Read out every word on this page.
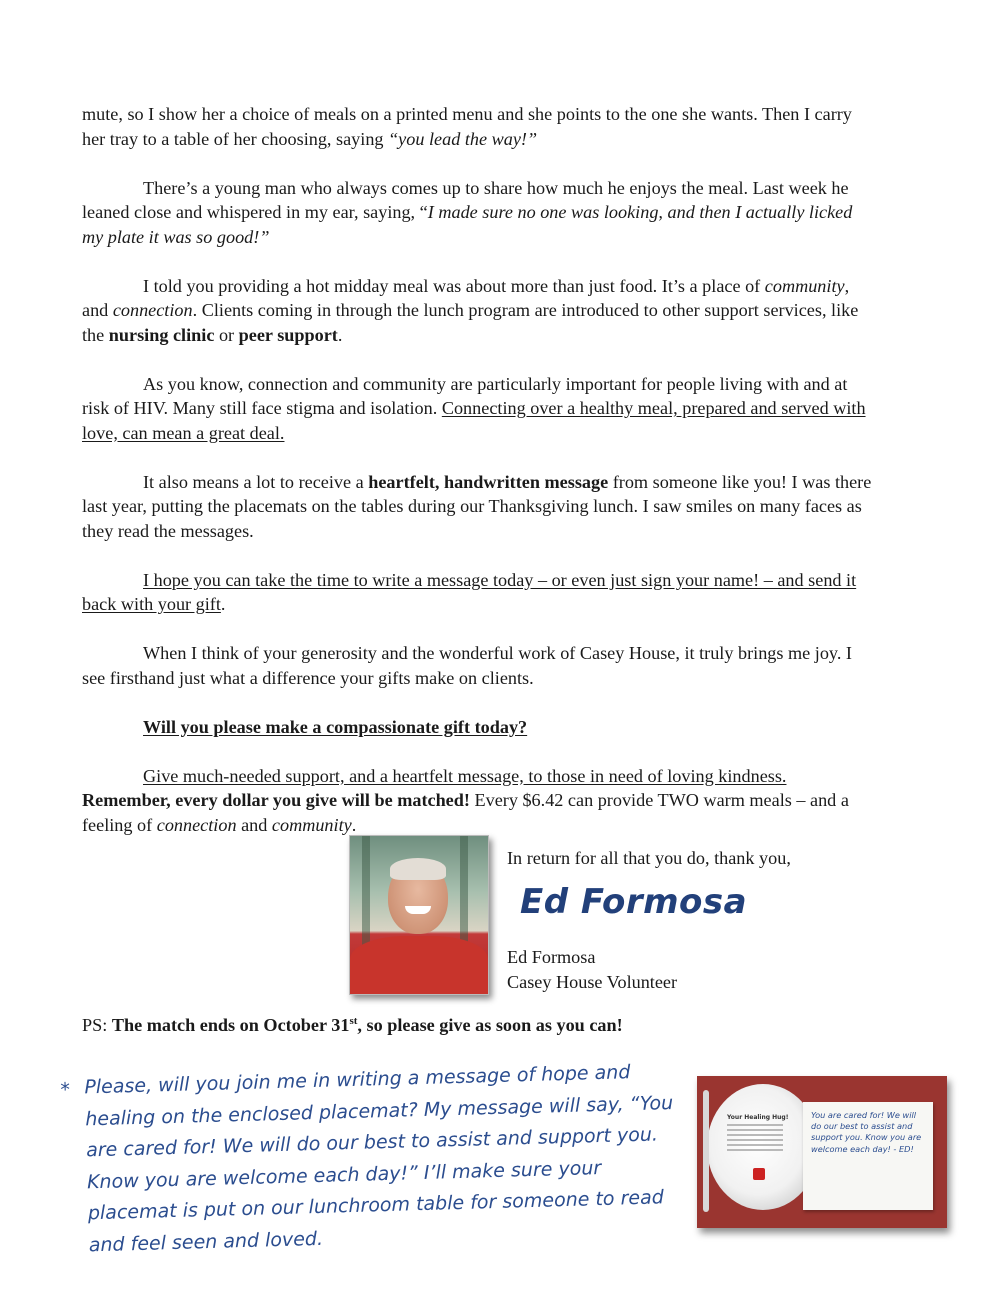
mute, so I show her a choice of meals on a printed menu and she points to the one she wants. Then I carry her tray to a table of her choosing, saying “you lead the way!”

There’s a young man who always comes up to share how much he enjoys the meal. Last week he leaned close and whispered in my ear, saying, “I made sure no one was looking, and then I actually licked my plate it was so good!”

I told you providing a hot midday meal was about more than just food. It’s a place of community, and connection. Clients coming in through the lunch program are introduced to other support services, like the nursing clinic or peer support.

As you know, connection and community are particularly important for people living with and at risk of HIV. Many still face stigma and isolation. Connecting over a healthy meal, prepared and served with love, can mean a great deal.

It also means a lot to receive a heartfelt, handwritten message from someone like you! I was there last year, putting the placemats on the tables during our Thanksgiving lunch. I saw smiles on many faces as they read the messages.

I hope you can take the time to write a message today – or even just sign your name! – and send it back with your gift.

When I think of your generosity and the wonderful work of Casey House, it truly brings me joy. I see firsthand just what a difference your gifts make on clients.

Will you please make a compassionate gift today?

Give much-needed support, and a heartfelt message, to those in need of loving kindness. Remember, every dollar you give will be matched! Every $6.42 can provide TWO warm meals – and a feeling of connection and community.

In return for all that you do, thank you,
Ed Formosa
Ed Formosa
Casey House Volunteer
PS: The match ends on October 31st, so please give as soon as you can!
* Please, will you join me in writing a message of hope and healing on the enclosed placemat? My message will say, “You are cared for! We will do our best to assist and support you. Know you are welcome each day!” I’ll make sure your placemat is put on our lunchroom table for someone to read and feel seen and loved.
Your Healing Hug!	You are cared for! We will do our best to assist and support you. Know you are welcome each day! - ED!
